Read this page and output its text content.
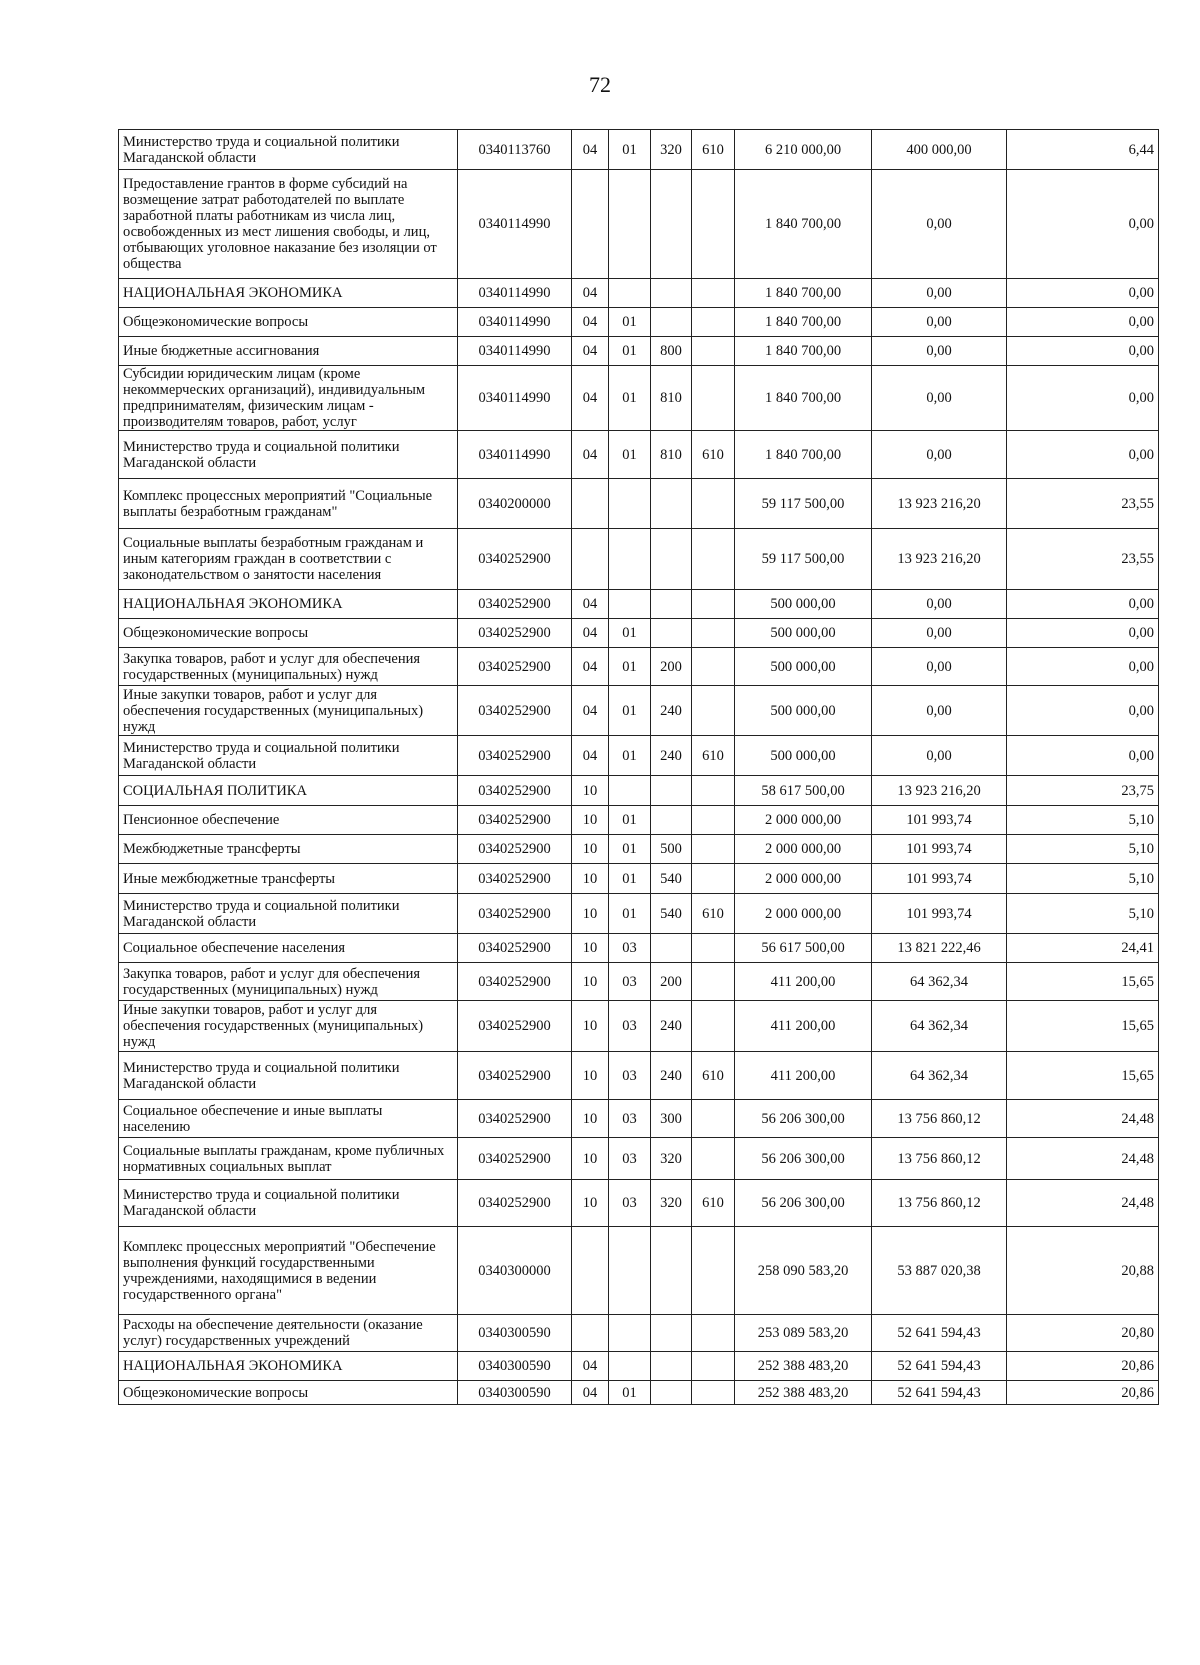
72
Министерство труда и социальной политики Магаданской области	0340113760	04	01	320	610	6 210 000,00	400 000,00	6,44
Предоставление грантов в форме субсидий на возмещение затрат работодателей по выплате заработной платы работникам из числа лиц, освобожденных из мест лишения свободы, и лиц, отбывающих уголовное наказание без изоляции от общества	0340114990					1 840 700,00	0,00	0,00
НАЦИОНАЛЬНАЯ ЭКОНОМИКА	0340114990	04				1 840 700,00	0,00	0,00
Общеэкономические вопросы	0340114990	04	01			1 840 700,00	0,00	0,00
Иные бюджетные ассигнования	0340114990	04	01	800		1 840 700,00	0,00	0,00
Субсидии юридическим лицам (кроме некоммерческих организаций), индивидуальным предпринимателям, физическим лицам - производителям товаров, работ, услуг	0340114990	04	01	810		1 840 700,00	0,00	0,00
Министерство труда и социальной политики Магаданской области	0340114990	04	01	810	610	1 840 700,00	0,00	0,00
Комплекс процессных мероприятий "Социальные выплаты безработным гражданам"	0340200000					59 117 500,00	13 923 216,20	23,55
Социальные выплаты безработным гражданам и иным категориям граждан в соответствии с законодательством о занятости населения	0340252900					59 117 500,00	13 923 216,20	23,55
НАЦИОНАЛЬНАЯ ЭКОНОМИКА	0340252900	04				500 000,00	0,00	0,00
Общеэкономические вопросы	0340252900	04	01			500 000,00	0,00	0,00
Закупка товаров, работ и услуг для обеспечения государственных (муниципальных) нужд	0340252900	04	01	200		500 000,00	0,00	0,00
Иные закупки товаров, работ и услуг для обеспечения государственных (муниципальных) нужд	0340252900	04	01	240		500 000,00	0,00	0,00
Министерство труда и социальной политики Магаданской области	0340252900	04	01	240	610	500 000,00	0,00	0,00
СОЦИАЛЬНАЯ ПОЛИТИКА	0340252900	10				58 617 500,00	13 923 216,20	23,75
Пенсионное обеспечение	0340252900	10	01			2 000 000,00	101 993,74	5,10
Межбюджетные трансферты	0340252900	10	01	500		2 000 000,00	101 993,74	5,10
Иные межбюджетные трансферты	0340252900	10	01	540		2 000 000,00	101 993,74	5,10
Министерство труда и социальной политики Магаданской области	0340252900	10	01	540	610	2 000 000,00	101 993,74	5,10
Социальное обеспечение населения	0340252900	10	03			56 617 500,00	13 821 222,46	24,41
Закупка товаров, работ и услуг для обеспечения государственных (муниципальных) нужд	0340252900	10	03	200		411 200,00	64 362,34	15,65
Иные закупки товаров, работ и услуг для обеспечения государственных (муниципальных) нужд	0340252900	10	03	240		411 200,00	64 362,34	15,65
Министерство труда и социальной политики Магаданской области	0340252900	10	03	240	610	411 200,00	64 362,34	15,65
Социальное обеспечение и иные выплаты населению	0340252900	10	03	300		56 206 300,00	13 756 860,12	24,48
Социальные выплаты гражданам, кроме публичных нормативных социальных выплат	0340252900	10	03	320		56 206 300,00	13 756 860,12	24,48
Министерство труда и социальной политики Магаданской области	0340252900	10	03	320	610	56 206 300,00	13 756 860,12	24,48
Комплекс процессных мероприятий "Обеспечение выполнения функций государственными учреждениями, находящимися в ведении государственного органа"	0340300000					258 090 583,20	53 887 020,38	20,88
Расходы на обеспечение деятельности (оказание услуг) государственных учреждений	0340300590					253 089 583,20	52 641 594,43	20,80
НАЦИОНАЛЬНАЯ ЭКОНОМИКА	0340300590	04				252 388 483,20	52 641 594,43	20,86
Общеэкономические вопросы	0340300590	04	01			252 388 483,20	52 641 594,43	20,86
